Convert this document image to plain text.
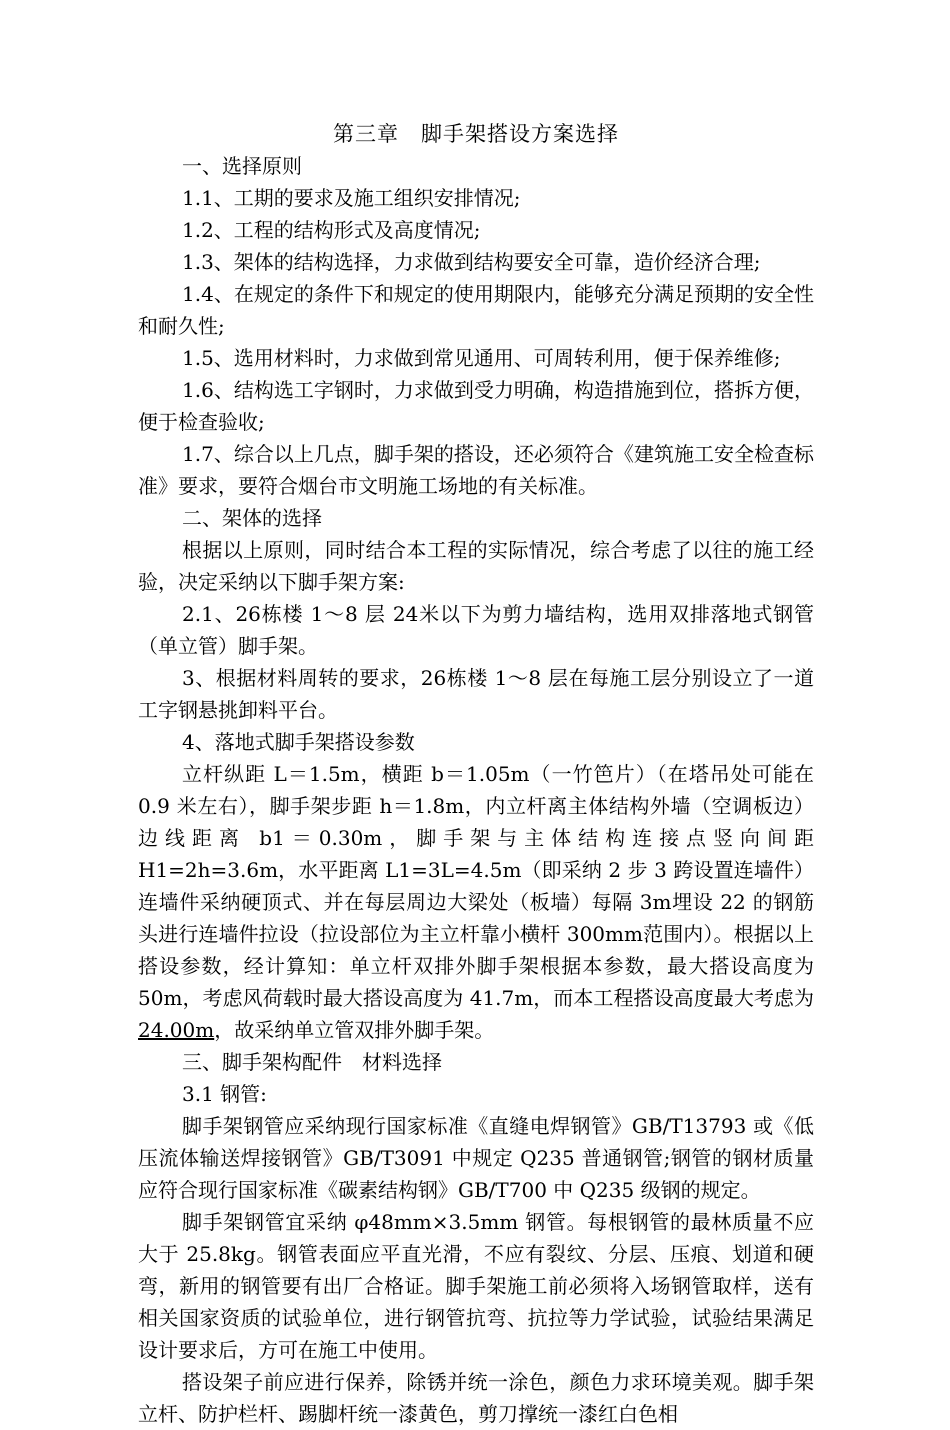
第三章　脚手架搭设方案选择

一、选择原则

1.1、工期的要求及施工组织安排情况;

1.2、工程的结构形式及高度情况;

1.3、架体的结构选择，力求做到结构要安全可靠，造价经济合理;

1.4、在规定的条件下和规定的使用期限内，能够充分满足预期的安全性和耐久性;

1.5、选用材料时，力求做到常见通用、可周转利用，便于保养维修;

1.6、结构选工字钢时，力求做到受力明确，构造措施到位，搭拆方便，便于检查验收;

1.7、综合以上几点，脚手架的搭设，还必须符合《建筑施工安全检查标准》要求，要符合烟台市文明施工场地的有关标准。

二、架体的选择

根据以上原则，同时结合本工程的实际情况，综合考虑了以往的施工经验，决定采纳以下脚手架方案:

2.1、26栋楼 1～8 层 24米以下为剪力墙结构，选用双排落地式钢管（单立管）脚手架。

3、根据材料周转的要求，26栋楼 1～8 层在每施工层分别设立了一道工字钢悬挑卸料平台。

4、落地式脚手架搭设参数

立杆纵距 L＝1.5m，横距 b＝1.05m（一竹笆片）（在塔吊处可能在 0.9 米左右），脚手架步距 h＝1.8m，内立杆离主体结构外墙（空调板边）边线距离 b1＝0.30m，脚手架与主体结构连接点竖向间距 H1=2h=3.6m，水平距离 L1=3L=4.5m（即采纳 2 步 3 跨设置连墙件）连墙件采纳硬顶式、并在每层周边大梁处（板墙）每隔 3m埋设 22 的钢筋头进行连墙件拉设（拉设部位为主立杆靠小横杆 300mm范围内）。根据以上搭设参数，经计算知：单立杆双排外脚手架根据本参数，最大搭设高度为 50m，考虑风荷载时最大搭设高度为 41.7m，而本工程搭设高度最大考虑为 24.00m，故采纳单立管双排外脚手架。

三、脚手架构配件　材料选择

3.1 钢管:

脚手架钢管应采纳现行国家标准《直缝电焊钢管》GB/T13793 或《低压流体输送焊接钢管》GB/T3091 中规定 Q235 普通钢管;钢管的钢材质量应符合现行国家标准《碳素结构钢》GB/T700 中 Q235 级钢的规定。

脚手架钢管宜采纳 φ48mm×3.5mm 钢管。每根钢管的最林质量不应大于 25.8kg。钢管表面应平直光滑，不应有裂纹、分层、压痕、划道和硬弯，新用的钢管要有出厂合格证。脚手架施工前必须将入场钢管取样，送有相关国家资质的试验单位，进行钢管抗弯、抗拉等力学试验，试验结果满足设计要求后，方可在施工中使用。

搭设架子前应进行保养，除锈并统一涂色，颜色力求环境美观。脚手架立杆、防护栏杆、踢脚杆统一漆黄色，剪刀撑统一漆红白色相
